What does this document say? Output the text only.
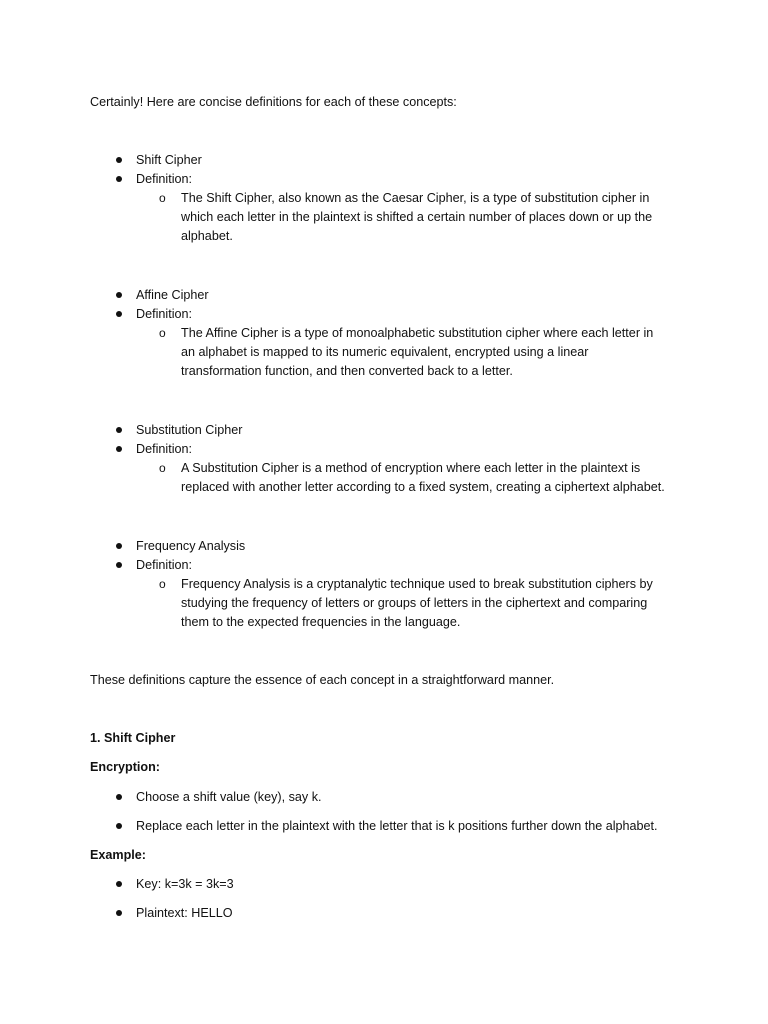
Certainly! Here are concise definitions for each of these concepts:
Shift Cipher
Definition:
o The Shift Cipher, also known as the Caesar Cipher, is a type of substitution cipher in
which each letter in the plaintext is shifted a certain number of places down or up the
alphabet.
Affine Cipher
Definition:
o The Affine Cipher is a type of monoalphabetic substitution cipher where each letter in
an alphabet is mapped to its numeric equivalent, encrypted using a linear
transformation function, and then converted back to a letter.
Substitution Cipher
Definition:
o A Substitution Cipher is a method of encryption where each letter in the plaintext is
replaced with another letter according to a fixed system, creating a ciphertext alphabet.
Frequency Analysis
Definition:
o Frequency Analysis is a cryptanalytic technique used to break substitution ciphers by
studying the frequency of letters or groups of letters in the ciphertext and comparing
them to the expected frequencies in the language.
These definitions capture the essence of each concept in a straightforward manner.
1. Shift Cipher
Encryption:
Choose a shift value (key), say k.
Replace each letter in the plaintext with the letter that is k positions further down the alphabet.
Example:
Key: k=3k = 3k=3
Plaintext: HELLO
